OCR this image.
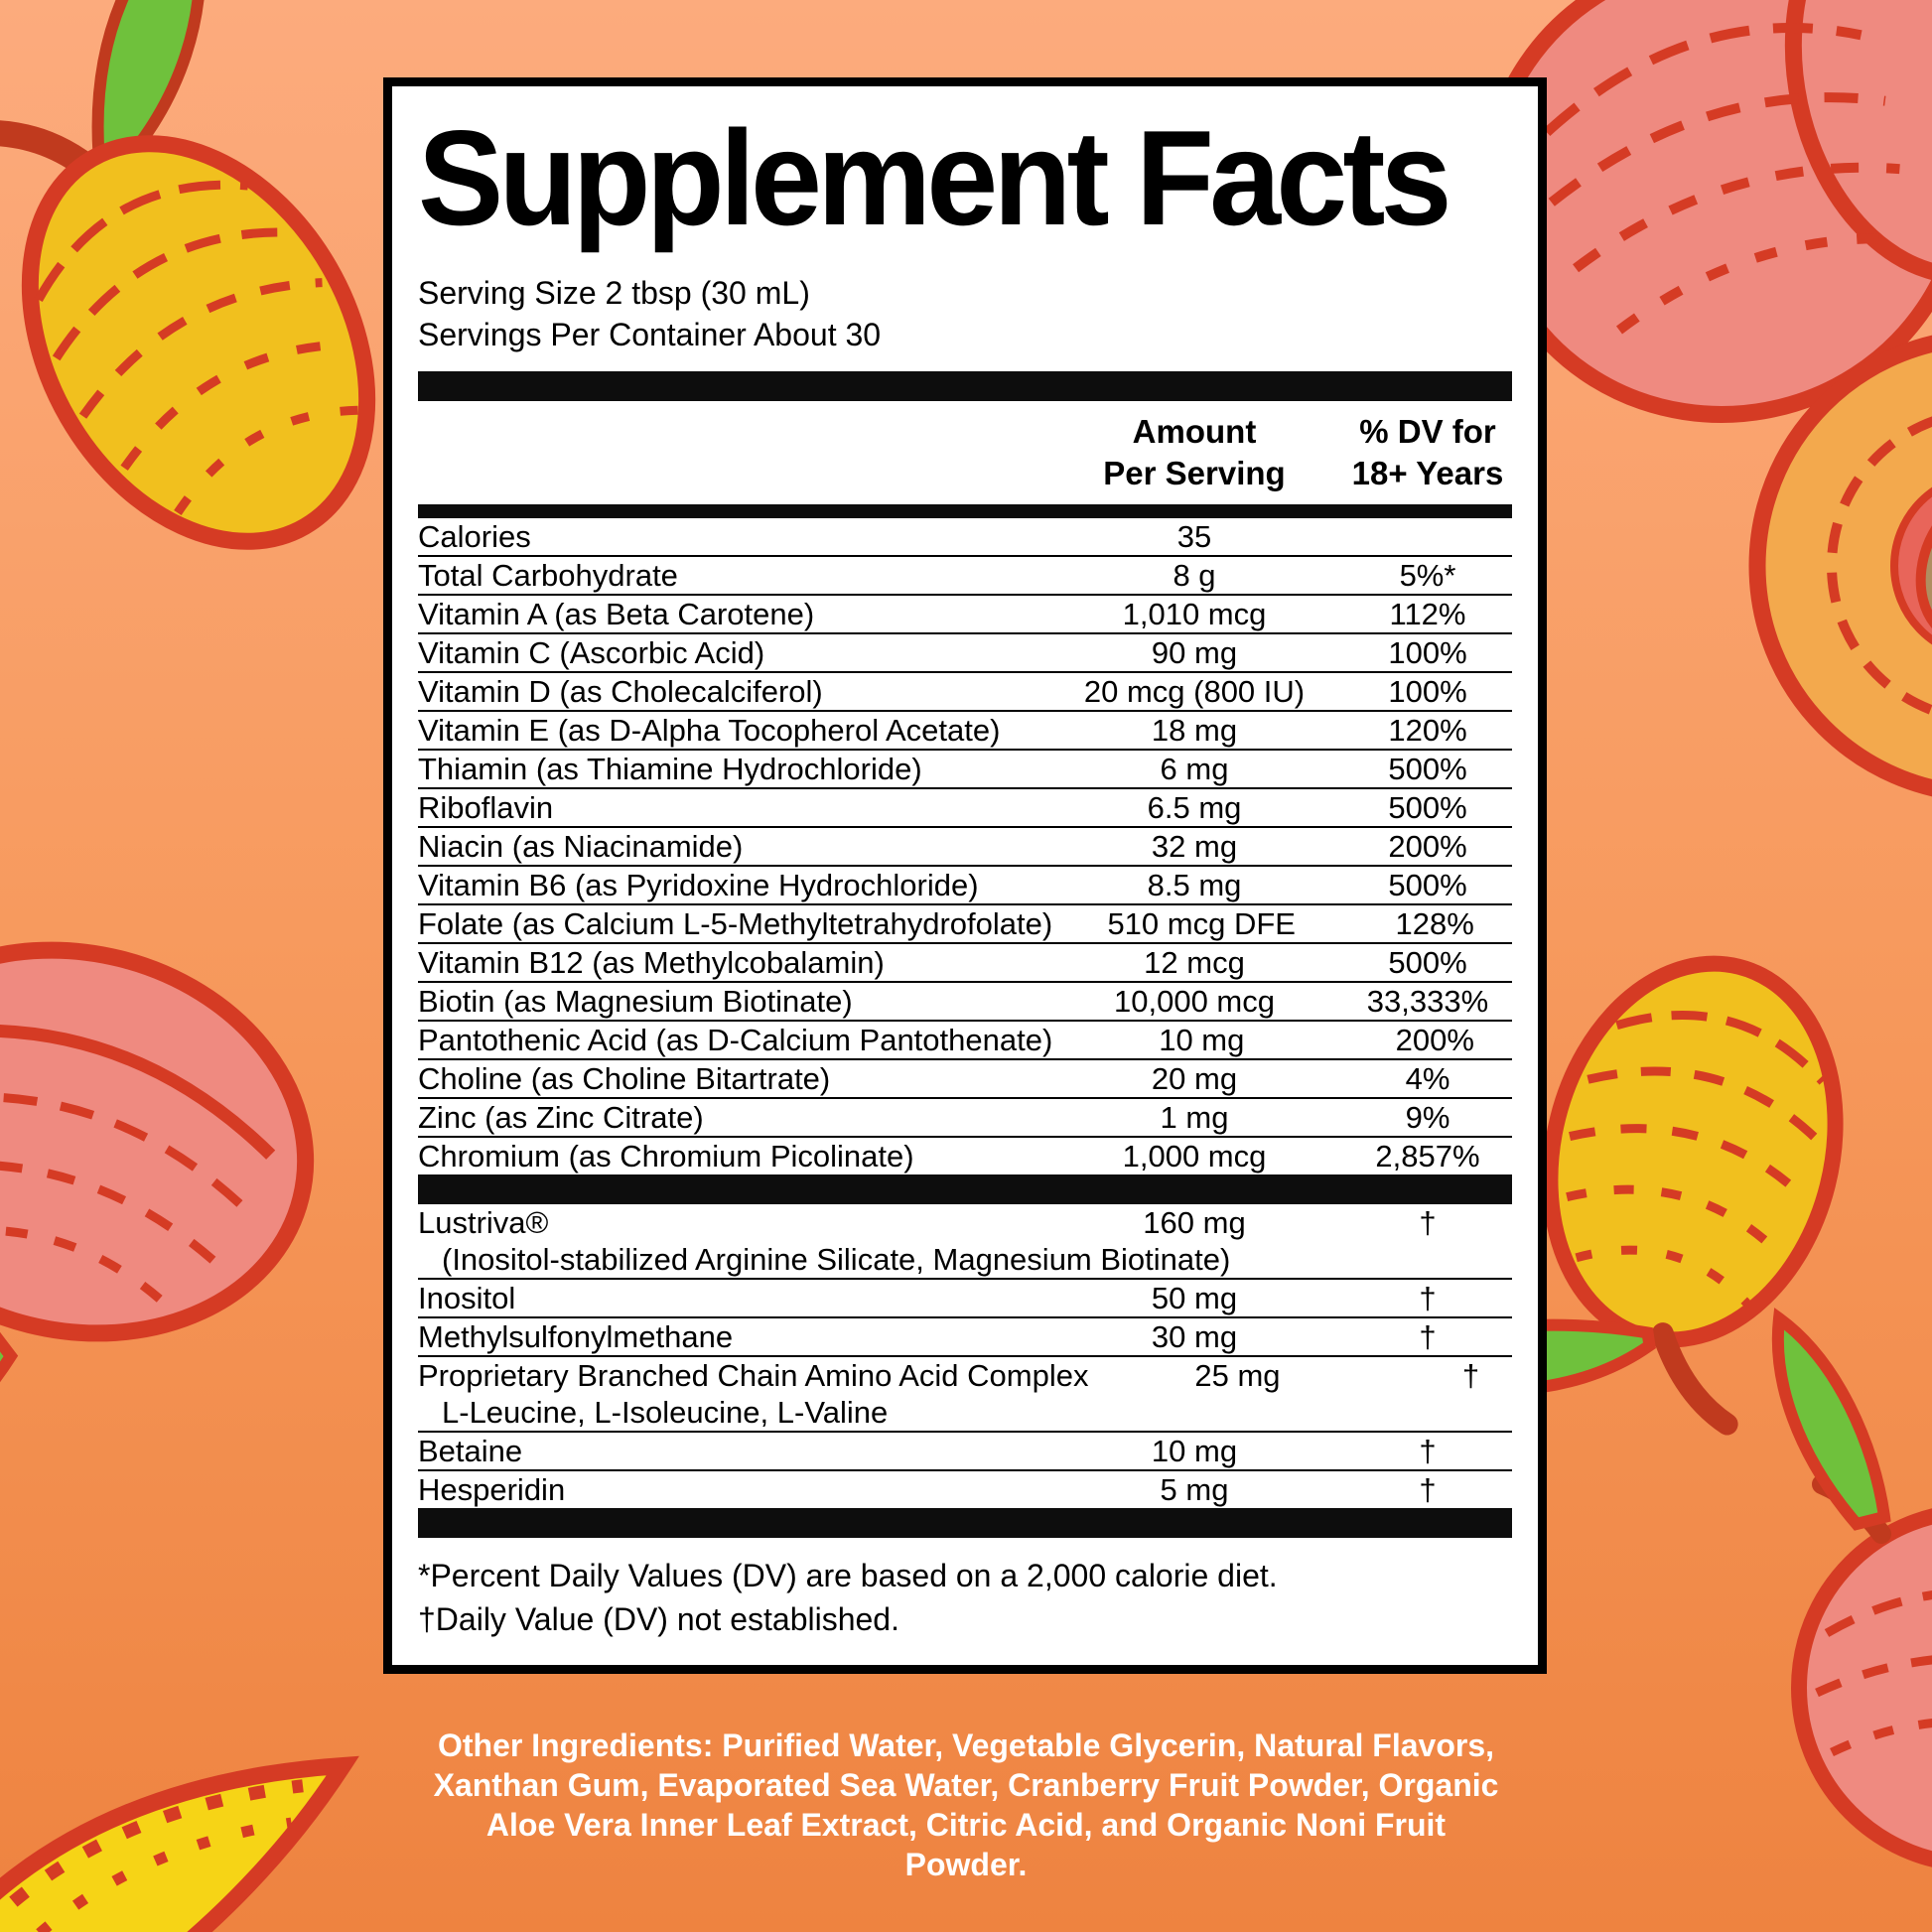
Supplement Facts
Serving Size 2 tbsp (30 mL)
Servings Per Container About 30
Amount
Per Serving
% DV for
18+ Years
Calories	35
Total Carbohydrate	8 g	5%*
Vitamin A (as Beta Carotene)	1,010 mcg	112%
Vitamin C (Ascorbic Acid)	90 mg	100%
Vitamin D (as Cholecalciferol)	20 mcg (800 IU)	100%
Vitamin E (as D-Alpha Tocopherol Acetate)	18 mg	120%
Thiamin (as Thiamine Hydrochloride)	6 mg	500%
Riboflavin	6.5 mg	500%
Niacin (as Niacinamide)	32 mg	200%
Vitamin B6 (as Pyridoxine Hydrochloride)	8.5 mg	500%
Folate (as Calcium L-5-Methyltetrahydrofolate)	510 mcg DFE	128%
Vitamin B12 (as Methylcobalamin)	12 mcg	500%
Biotin (as Magnesium Biotinate)	10,000 mcg	33,333%
Pantothenic Acid (as D-Calcium Pantothenate)	10 mg	200%
Choline (as Choline Bitartrate)	20 mg	4%
Zinc (as Zinc Citrate)	1 mg	9%
Chromium (as Chromium Picolinate)	1,000 mcg	2,857%
Lustriva®	160 mg	†
(Inositol-stabilized Arginine Silicate, Magnesium Biotinate)
Inositol	50 mg	†
Methylsulfonylmethane	30 mg	†
Proprietary Branched Chain Amino Acid Complex	25 mg	†
L-Leucine, L-Isoleucine, L-Valine
Betaine	10 mg	†
Hesperidin	5 mg	†
*Percent Daily Values (DV) are based on a 2,000 calorie diet.
†Daily Value (DV) not established.
Other Ingredients: Purified Water, Vegetable Glycerin, Natural Flavors, Xanthan Gum, Evaporated Sea Water, Cranberry Fruit Powder, Organic Aloe Vera Inner Leaf Extract, Citric Acid, and Organic Noni Fruit Powder.
